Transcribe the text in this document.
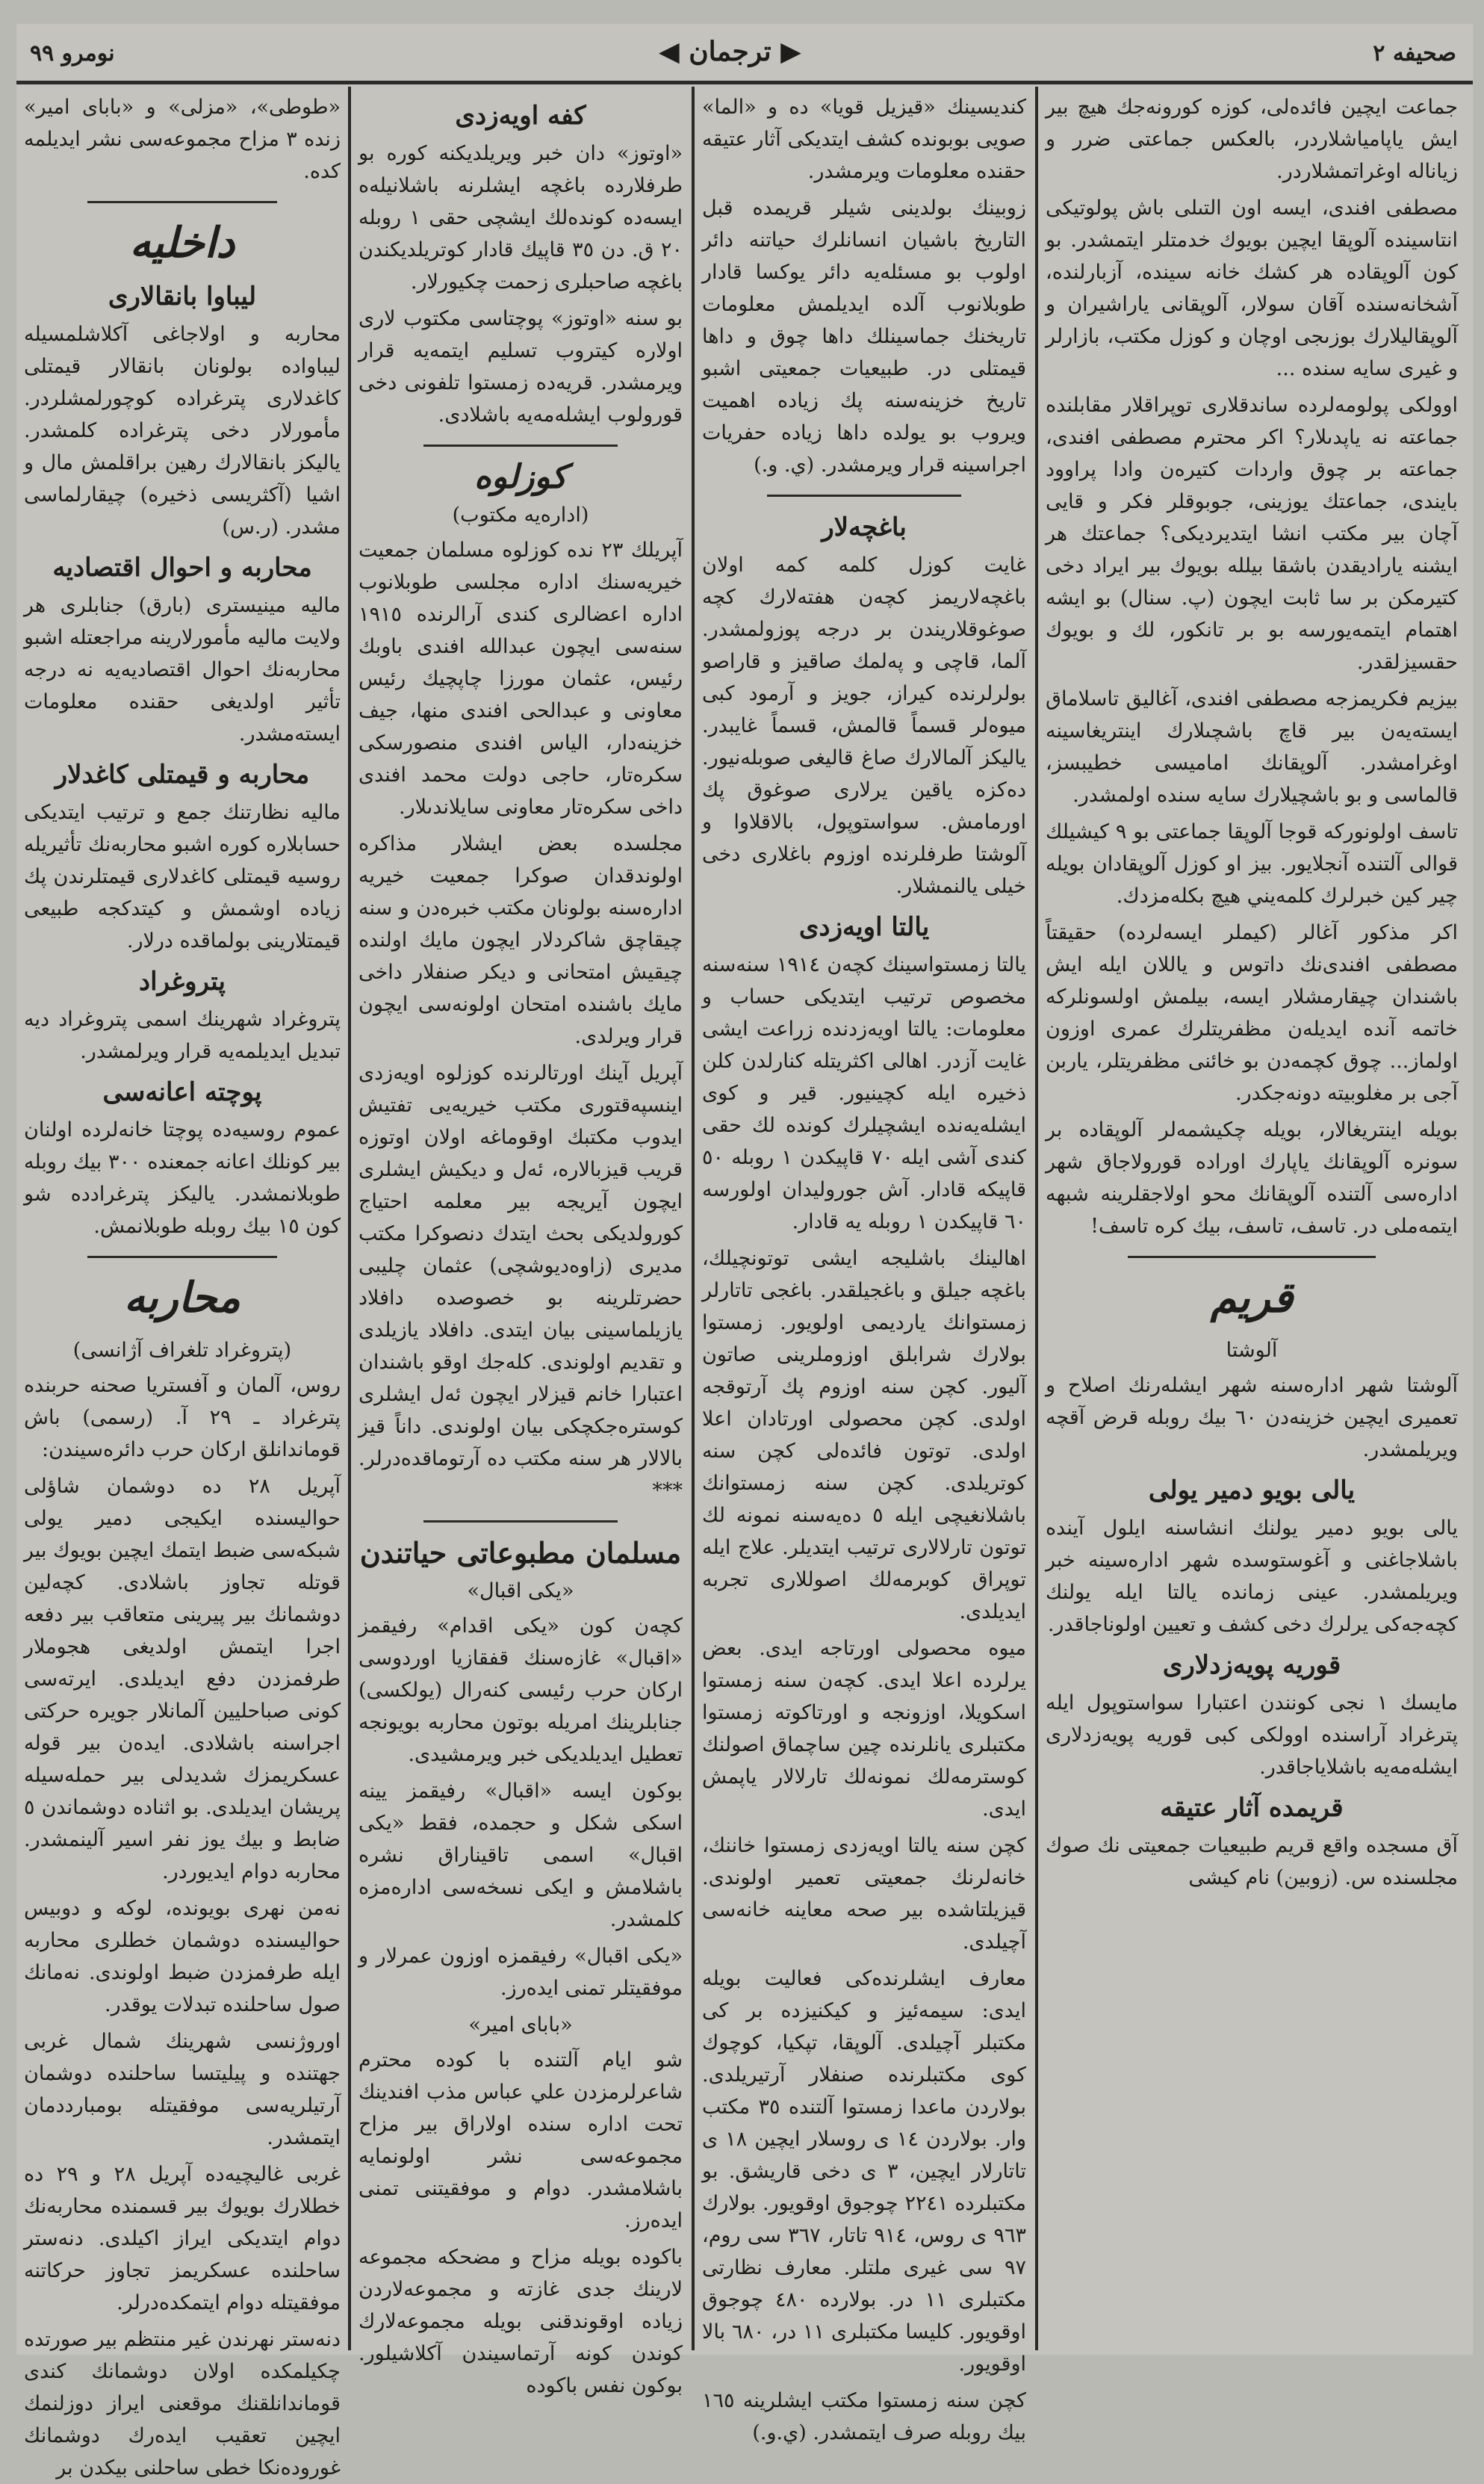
نومرو ۹۹	◀ ترجمان ▶	صحيفه ۲

جماعت ايچين فائدەلى، كوزه كورونەجك هيچ بير ايش ياپامياشلاردر، بالعكس جماعتى ضرر و زياناله اوغراتمشلاردر.

مصطفى افندى، ايسه اون التىلى باش پولوتيكى انتاسينده آلوپقا ايچين بويوك خدمتلر ايتمشدر. بو كون آلوپقاده هر كشك خانه سينده، آزبارلنده، آشخانەسنده آقان سولار، آلوپقانى ياراشيران و آلوپقاليلارك بوزىجى اوچان و كوزل مكتب، بازارلر و غيرى سايه سنده ...

اوولكى پولومەلرده ساندقلارى توپراقلار مقابلنده جماعته نه ياپدىلار؟ اكر محترم مصطفى افندى، جماعته بر چوق واردات كتيرەن وادا پراوود بايندى، جماعتك يوزينى، جوبوقلر فكر و قايى آچان بير مكتب انشا ايتديرديكى؟ جماعتك هر ايشنه ياراديقدن باشقا بيلله بويوك بير ايراد دخى كتيرمكن بر سا ثابت ايچون (پ. سنال) بو ايشه اهتمام ايتمەيورسه بو بر تانكور، لك و بويوك حقسيزلقدر.

بيزيم فكريمزجه مصطفى افندى، آغاليق تاسلاماق ايستەيەن بير قاچ باشچىلارك اينتريغاسينه اوغرامشدر. آلوپقانك اماميسى خطيبسز، قالماسى و بو باشچيلارك سايه سنده اولمشدر.

تاسف اولونوركه قوجا آلوپقا جماعتى بو ٩ كيشيلك قوالى آلتنده آنجلايور. بيز او كوزل آلوپقادان بويله چير كين خبرلرك كلمەيني هيچ بكلەمزدك.

اكر مذكور آغالر (كيملر ايسەلرده) حقيقتاً مصطفى افندى‌نك داتوس و ياللان ايله ايش باشندان چيقارمشلار ايسه، بيلمش اولسونلركه خاتمه آنده ايديلەن مظفريتلرك عمرى اوزون اولماز... چوق كچمەدن بو خائنى مظفريتلر، ياربن آجى بر مغلوبيته دونەجكدر.

بويله اينتريغالار، بويله چكيشمەلر آلوپقاده بر سونره آلوپقانك ياپارك اوراده قورولاجاق شهر ادارەسى آلتنده آلوپقانك محو اولاجقلرينه شبهه ايتمەملى در. تاسف، تاسف، بيك كره تاسف!

قريم
آلوشتا

آلوشتا شهر ادارەسنه شهر ايشلەرنك اصلاح و تعميرى ايچين خزينەدن ٦٠ بيك روبله قرض آقچه ويريلمشدر.

يالى بويو دمير يولى

يالى بويو دمير يولنك انشاسنه ايلول آينده باشلاجاغنى و آغوستوسده شهر ادارەسينه خبر ويريلمشدر. عينى زمانده يالتا ايله يولنك كچەجەكى يرلرك دخى كشف و تعيين اولوناجاقدر.

قوريه پويەزدلارى

مايسك ١ نجى كونندن اعتبارا سواستوپول ايله پترغراد آراسنده اوولكى كبى قوريه پويەزدلارى ايشلەمەيه باشلاياجاقدر.

قريمده آثار عتيقه

آق مسجده واقع قريم طبيعيات جمعيتى نك صوك مجلسنده س. (زوبين) نام كيشى

كنديسينك «قيزيل قويا» ده و «الما» صويى بوبونده كشف ايتديكى آثار عتيقه حقنده معلومات ويرمشدر.

زوبينك بولدينى شيلر قريمده قبل التاريخ باشيان انسانلرك حياتنه دائر اولوب بو مسئلەيه دائر يوكسا قادار طوبلانوب آلده ايديلمش معلومات تاريخنك جماسينلك داها چوق و داها قيمتلى در. طبيعيات جمعيتى اشبو تاريخ خزينەسنه پك زياده اهميت ويروب بو يولده داها زياده حفريات اجراسينه قرار ويرمشدر. (ي. و.)

باغچەلار

غايت كوزل كلمه كمه اولان باغچەلاريمز كچەن هفتەلارك كچه صوغوقلاريندن بر درجه پوزولمشدر. آلما، قاچى و پەلمك صاقيز و قاراصو بولرلرنده كيراز، جويز و آرمود كبى ميوەلر قسماً قالمش، قسماً غايبدر. ياليكز آلمالارك صاغ قاليغى صوبلەنيور. دەكزه ياقين يرلارى صوغوق پك اورمامش. سواستوپول، بالاقلاوا و آلوشتا طرفلرنده اوزوم باغلارى دخى خيلى يالنمشلار.

يالتا اويەزدى

يالتا زمستواسينك كچەن ١٩١٤ سنەسنه مخصوص ترتيب ايتديكى حساب و معلومات: يالتا اويەزدنده زراعت ايشى غايت آزدر. اهالى اكثريتله كنارلدن كلن ذخيره ايله كچينيور. قير و كوى ايشلەيەندە ايشچيلرك كونده لك حقى كندى آشى ايله ٧٠ قاپيكدن ١ روبله ٥٠ قاپيكه قادار. آش جوروليدان اولورسه ٦٠ قاپيكدن ١ روبله يه قادار.

اهالينك باشليجه ايشى توتونچيلك، باغچه جيلق و باغجيلقدر. باغجى تاتارلر زمستوانك يارديمى اولويور. زمستوا بولارك شرابلق اوزوملرينى صاتون آليور. كچن سنه اوزوم پك آرتوقجه اولدى. كچن محصولى اورتادان اعلا اولدى. توتون فائدەلى كچن سنه كوتريلدى. كچن سنه زمستوانك باشلانغيچى ايله ٥ دەيەسنه نمونه لك توتون تارلالارى ترتيب ايتديلر. علاج ايله توپراق كوبرمەلك اصوللارى تجربه ايديلدى.

ميوه محصولى اورتاجه ايدى. بعض يرلرده اعلا ايدى. كچەن سنه زمستوا اسكويلا، اوزونجه و اورتاكوته زمستوا مكتبلرى يانلرنده چين ساچماق اصولنك كوسترمەلك نمونه‌لك تارلالار ياپمش ايدى.

كچن سنه يالتا اويەزدى زمستوا خاننك، خانەلرنك جمعيتى تعمير اولوندى. قيزيلتاشده بير صحه معاينه خانه‌سى آچيلدى.

معارف ايشلرنده‌كى فعاليت بويله ايدى: سيمەئيز و كيكنيزده بر كى مكتبلر آچيلدى. آلوپقا، تپكيا، كوچوك كوى مكتبلرنده صنفلار آرتيريلدى. بولاردن ماعدا زمستوا آلتنده ٣٥ مكتب وار. بولاردن ١٤ ى روسلار ايچين ١٨ ى تاتارلار ايچين، ٣ ى دخى قاريشق. بو مكتبلرده ٢٢٤١ چوجوق اوقويور. بولارك ٩٦٣ ى روس، ٩١٤ تاتار، ٣٦٧ سى روم، ٩٧ سى غيرى ملتلر. معارف نظارتى مكتبلرى ١١ در. بولارده ٤٨٠ چوجوق اوقويور. كليسا مكتبلرى ١١ در، ٦٨٠ بالا اوقويور.

كچن سنه زمستوا مكتب ايشلرينه ١٦٥ بيك روبله صرف ايتمشدر. (ي.و.)

كفه اويەزدى

«اوتوز» دان خبر ويريلديكنه كوره بو طرفلارده باغچه ايشلرنه باشلانيله‌ه ايسەده كوندەلك ايشچى حقى ١ روبله ٢٠ ق. دن ٣٥ قاپيك قادار كوتريلديكندن باغچه صاحبلرى زحمت چكيورلار.

بو سنه «اوتوز» پوچتاسى مكتوب لارى اولارە كيتروب تسليم ايتمەيه قرار ويرمشدر. قريەده زمستوا تلفونى دخى قورولوب ايشلەمەيه باشلادى.

كوزلوه
(ادارەيه مكتوب)

آپريلك ٢٣ نده كوزلوه مسلمان جمعيت خيريەسنك ادارە مجلسى طوبلانوب ادارە اعضالرى كندى آرالرنده ١٩١٥ سنەسى ايچون عبدالله افندى باوبك رئيس، عثمان مورزا چاپچيك رئيس معاونى و عبدالحى افندى منها، جيف خزينەدار، الياس افندى منصورسكى سكرەتار، حاجى دولت محمد افندى داخى سكرەتار معاونى سايلاندىلار.

مجلسده بعض ايشلار مذاكره اولوندقدان صوكرا جمعيت خيريه ادارەسنه بولونان مكتب خبرەدن و سنه چيقاچق شاكردلار ايچون مايك اولنده چيقيش امتحانى و ديكر صنفلار داخى مايك باشنده امتحان اولونەسى ايچون قرار ويرلدى.

آپريل آينك اورتالرنده كوزلوه اويەزدى اينسپەقتورى مكتب خيريەيى تفتيش ايدوب مكتبك اوقوماغه اولان اوتوزه قريب قيزبالارە، ئەل و ديكيش ايشلرى ايچون آيريجه بير معلمه احتياج كورولديكى بحث ايتدك دنصوكرا مكتب مديرى (زاوەديوشچى) عثمان چليبى حضرتلرينه بو خصوصده دافلاد يازيلماسينى بيان ايتدى. دافلاد يازيلدى و تقديم اولوندى. كلەجك اوقو باشندان اعتبارا خانم قيزلار ايچون ئەل ايشلرى كوسترەجكچكى بيان اولوندى. داناً قيز بالالار هر سنه مكتب ده آرتوماقدەدرلر. ***

مسلمان مطبوعاتى حياتندن
«يكى اقبال»

كچەن كون «يكى اقدام» رفيقمز «اقبال» غازەسنك قفقازيا اوردوسى اركان حرب رئيسى كنەرال (يولكسى) جنابلرينك امريله بوتون محاربه بويونجه تعطيل ايديلديكى خبر ويرمشيدى.

بوكون ايسه «اقبال» رفيقمز يينه اسكى شكل و حجمده، فقط «يكى اقبال» اسمى تاقيناراق نشره باشلامش و ايكى نسخەسى ادارەمزه كلمشدر.

«يكى اقبال» رفيقمزه اوزون عمرلار و موفقيتلر تمنى ايدەرز.

«باباى امير»

شو ايام آلتنده با كوده محترم شاعرلرمزدن علي عباس مذب افندينك تحت اداره سنده اولاراق بير مزاح مجموعه‌سى نشر اولونمايه باشلامشدر. دوام و موفقيتنى تمنى ايدەرز.

باكوده بويله مزاح و مضحكه مجموعه لارينك جدى غازته و مجموعەلاردن زياده اوقوندقنى بويله مجموعەلارك كوندن كونه آرتماسيندن آكلاشيلور. بوكون نفس باكوده

«طوطى»، «مزلى» و «باباى امير» زنده ٣ مزاح مجموعه‌سى نشر ايديلمه كده.

داخليه
ليباوا بانقالارى

محاربه و اولاجاغى آكلاشلمسيله ليباوادە بولونان بانقالار قيمتلى كاغدلارى پترغراده كوچورلمشلردر. مأمورلار دخى پترغراده كلمشدر. ياليكز بانقالارك رهين براقلمش مال و اشيا (آكثريسى ذخيره) چيقارلماسى مشدر. (ر.س)

محاربه و احوال اقتصاديه

ماليه مينيسترى (بارق) جنابلرى هر ولايت ماليه مأمورلارينه مراجعتله اشبو محاربه‌نك احوال اقتصاديه‌يه نه درجه تأثير اولديغى حقنده معلومات ايستەمشدر.

محاربه و قيمتلى كاغدلار

ماليه نظارتنك جمع و ترتيب ايتديكى حسابلاره كوره اشبو محاربه‌نك تأثيريله روسيه قيمتلى كاغدلارى قيمتلرندن پك زياده اوشمش و كيتدكجه طبيعى قيمتلارينى بولماقده درلار.

پتروغراد

پتروغراد شهرينك اسمى پتروغراد ديه تبديل ايديلمەيه قرار ويرلمشدر.

پوچته اعانه‌سى

عموم روسيەده پوچتا خانەلرده اولنان بير كونلك اعانه جمعنده ٣٠٠ بيك روبله طوبلانمشدر. ياليكز پترغراددە شو كون ١٥ بيك روبله طوبلانمش.

محاربه
(پتروغراد تلغراف آژانسى)

روس، آلمان و آفستريا صحنه حربنده پترغراد ـ ٢٩ آ. (رسمى) باش قوماندانلق اركان حرب دائره‌سيندن:

آپريل ٢٨ ده دوشمان شاؤلى حواليسنده ايكيجى دمير يولى شبكه‌سى ضبط ايتمك ايچين بويوك بير قوتله تجاوز باشلادى. كچەلين دوشمانك بير پيرينى متعاقب بير دفعه اجرا ايتمش اولديغى هجوملار طرفمزدن دفع ايديلدى. ايرتەسى كونى صباحليين آلمانلار جويره حركتى اجراسنه باشلادى. ايدەن بير قوله عسكريمزك شديدلى بير حمله‌سيله پريشان ايديلدى. بو اثناده دوشماندن ٥ ضابط و بيك يوز نفر اسير آلينمشدر. محاربه دوام ايديوردر.

نەمن نهرى بويونده، لوكه و دوبيس حواليسنده دوشمان خطلرى محاربه ايله طرفمزدن ضبط اولوندى. نەمانك صول ساحلنده تبدلات يوقدر.

اوروژنسى شهرينك شمال غربى جهتنده و پيليتسا ساحلنده دوشمان آرتيلريه‌سى موفقيتله بومبارددمان ايتمشدر.

غربى غاليچيەده آپريل ٢٨ و ٢٩ ده خطلارك بويوك بير قسمنده محاربه‌نك دوام ايتديكى ايراز اكيلدى. دنەستر ساحلنده عسكريمز تجاوز حركاتنه موفقيتله دوام ايتمكدەدرلر.

دنەستر نهرندن غير منتظم بير صورتده چكيلمكده اولان دوشمانك كندى قوماندانلقنك موقعنى ايراز دوزلنمك ايچين تعقيب ايدەرك دوشمانك غورودەنكا خطى ساحلنى بيكدن بر
